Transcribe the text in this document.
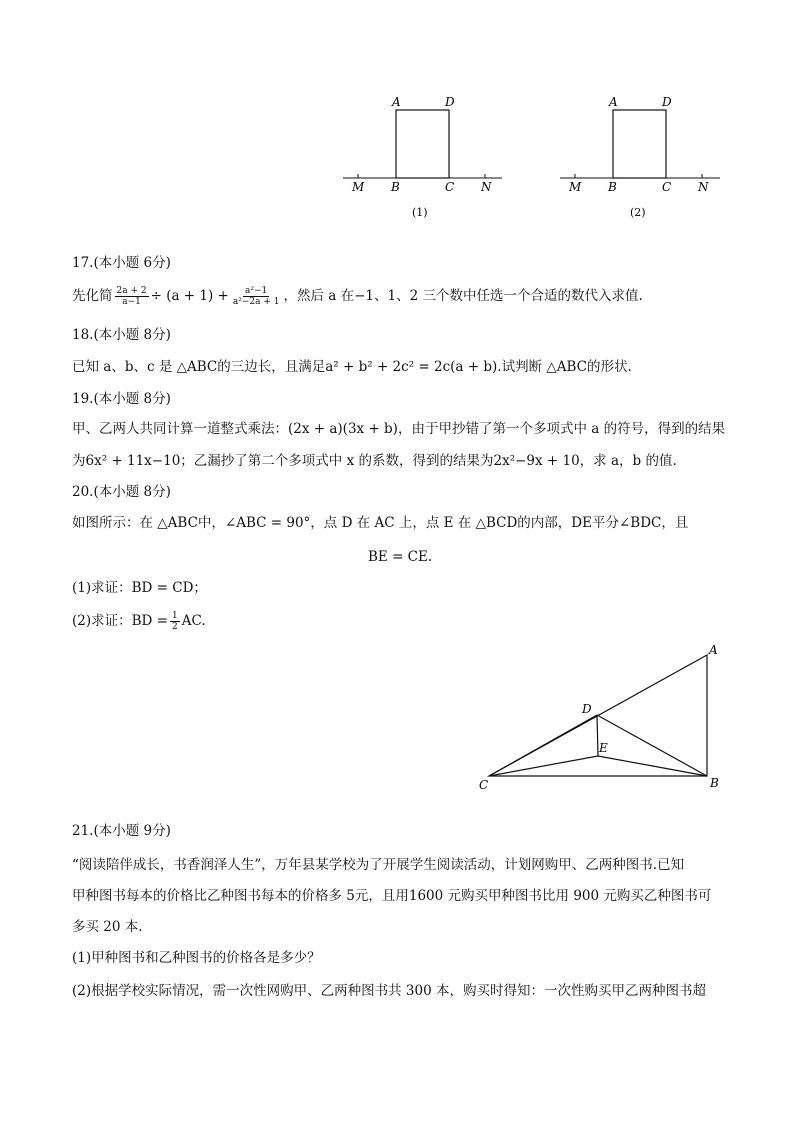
A	D
M B	C N
(1)
A	D
M B	C N
(2)
17.(本小题 6分)
先化简 $\frac{2a + 2}{a-1} \div (a + 1) + \frac{\text{a²−1}}{\text{a²−2a + 1}}$ ，然后 a 在−1、1、2 三个数中任选一个合适的数代入求值.
18.(本小题 8分)
已知 a、b、c 是 △ABC的三边长，且满足a² + b² + 2c² = 2c(a + b).试判断 △ABC的形状.
19.(本小题 8分)
甲、乙两人共同计算一道整式乘法：(2x + a)(3x + b)，由于甲抄错了第一个多项式中 a 的符号，得到的结果
为6x² + 11x−10；乙漏抄了第二个多项式中 x 的系数，得到的结果为2x²−9x + 10，求 a，b 的值.
20.(本小题 8分)
如图所示：在 △ABC中，∠ABC = 90°，点 D 在 AC 上，点 E 在 △BCD的内部，DE平分∠BDC，且
BE = CE.
(1)求证：BD = CD；
(2)求证：BD = $\frac{1}{2}$ AC.
A
B
C
D
E
21.(本小题 9分)
“阅读陪伴成长，书香润泽人生”，万年县某学校为了开展学生阅读活动，计划网购甲、乙两种图书.已知
甲种图书每本的价格比乙种图书每本的价格多 5元，且用1600 元购买甲种图书比用 900 元购买乙种图书可
多买 20 本.
(1)甲种图书和乙种图书的价格各是多少？
(2)根据学校实际情况，需一次性网购甲、乙两种图书共 300 本，购买时得知：一次性购买甲乙两种图书超
